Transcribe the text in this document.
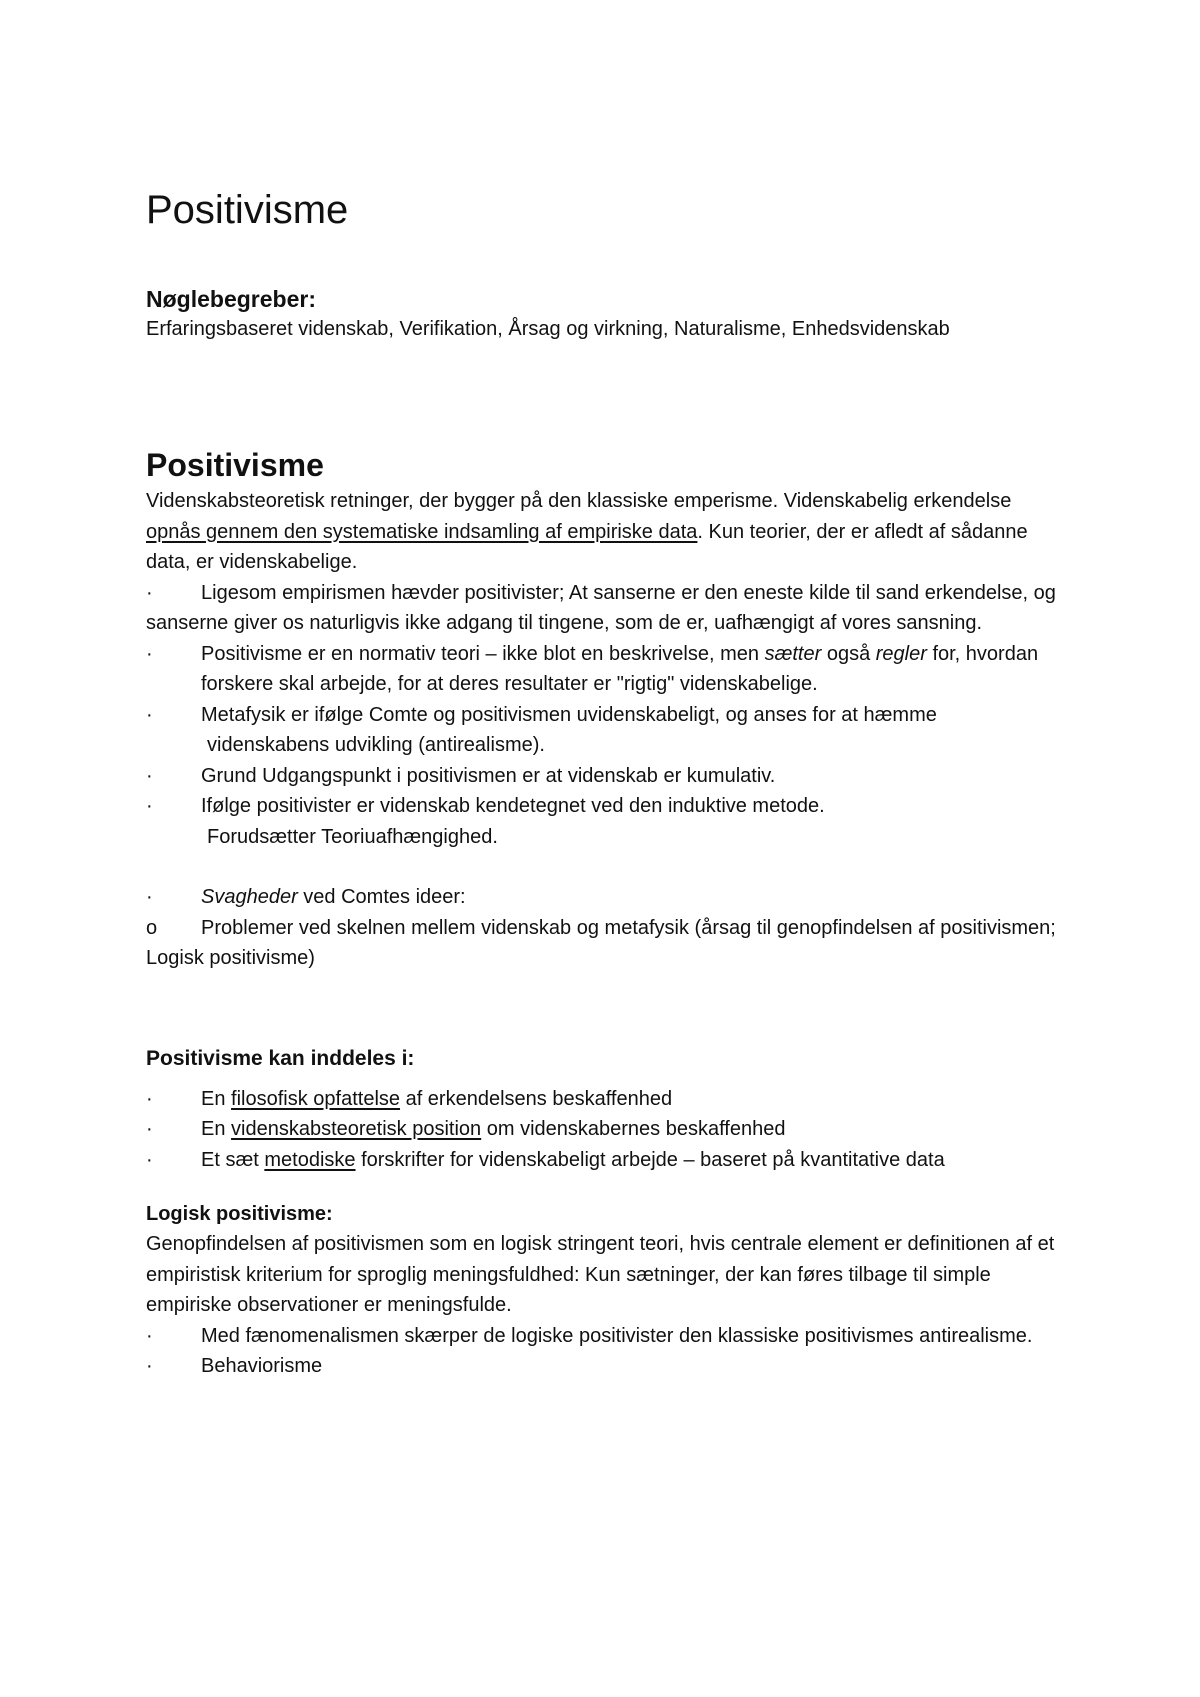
Positivisme
Nøglebegreber:
Erfaringsbaseret videnskab, Verifikation, Årsag og virkning, Naturalisme, Enhedsvidenskab
Positivisme

Videnskabsteoretisk retninger, der bygger på den klassiske emperisme. Videnskabelig erkendelse opnås gennem den systematiske indsamling af empiriske data. Kun teorier, der er afledt af sådanne data, er videnskabelige.

·	Ligesom empirismen hævder positivister; At sanserne er den eneste kilde til sand erkendelse, og sanserne giver os naturligvis ikke adgang til tingene, som de er, uafhængigt af vores sansning.
·	Positivisme er en normativ teori – ikke blot en beskrivelse, men sætter også regler for, hvordan forskere skal arbejde, for at deres resultater er "rigtig" videnskabelige.
·	Metafysik er ifølge Comte og positivismen uvidenskabeligt, og anses for at hæmme
videnskabens udvikling (antirealisme).
·	Grund Udgangspunkt i positivismen er at videnskab er kumulativ.
·	Ifølge positivister er videnskab kendetegnet ved den induktive metode.
Forudsætter Teoriuafhængighed.
·	Svagheder ved Comtes ideer:
o	Problemer ved skelnen mellem videnskab og metafysik (årsag til genopfindelsen af positivismen; Logisk positivisme)
Positivisme kan inddeles i:
·	En filosofisk opfattelse af erkendelsens beskaffenhed
·	En videnskabsteoretisk position om videnskabernes beskaffenhed
·	Et sæt metodiske forskrifter for videnskabeligt arbejde – baseret på kvantitative data
Logisk positivisme:

Genopfindelsen af positivismen som en logisk stringent teori, hvis centrale element er definitionen af et empiristisk kriterium for sproglig meningsfuldhed: Kun sætninger, der kan føres tilbage til simple empiriske observationer er meningsfulde.

·	Med fænomenalismen skærper de logiske positivister den klassiske positivismes antirealisme.
·	Behaviorisme
